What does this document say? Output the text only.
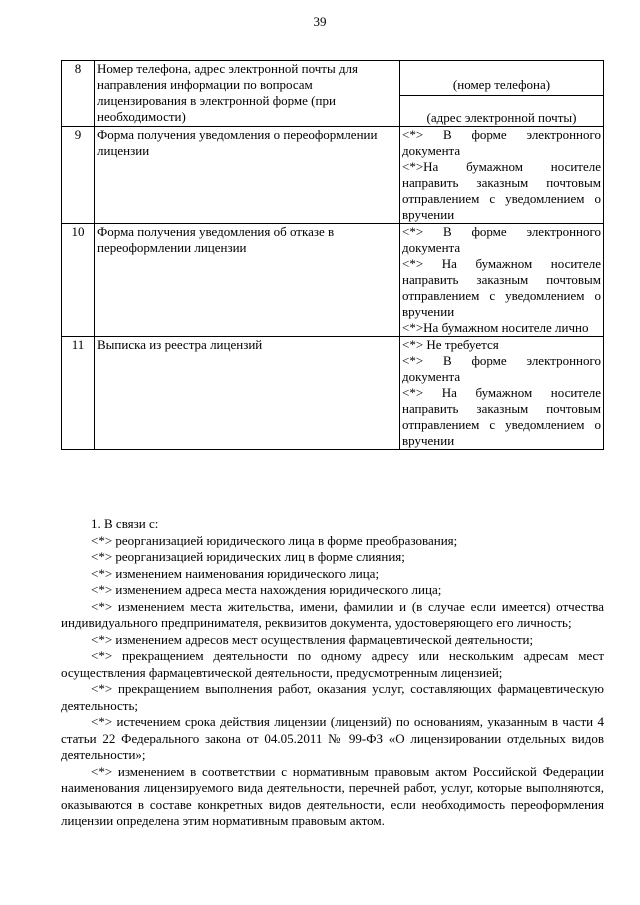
39
8	Номер телефона, адрес электронной почты для направления информации по вопросам лицензирования в электронной форме (при необходимости)	

(номер телефона)

(адрес электронной почты)

9	Форма получения уведомления о переоформлении лицензии	
<*> В форме электронного документа
<*>На бумажном носителе направить заказным почтовым отправлением с уведомлением о вручении

10	Форма получения уведомления об отказе в переоформлении лицензии	
<*> В форме электронного документа
<*> На бумажном носителе направить заказным почтовым отправлением с уведомлением о вручении
<*>На бумажном носителе лично

11	Выписка из реестра лицензий	<*> Не требуется
<*> В форме электронного документа
<*> На бумажном носителе направить заказным почтовым отправлением с уведомлением о вручении

1. В связи с:

<*> реорганизацией юридического лица в форме преобразования;

<*> реорганизацией юридических лиц в форме слияния;

<*> изменением наименования юридического лица;

<*> изменением адреса места нахождения юридического лица;

<*> изменением места жительства, имени, фамилии и (в случае если имеется) отчества индивидуального предпринимателя, реквизитов документа, удостоверяющего его личность;

<*> изменением адресов мест осуществления фармацевтической деятельности;

<*> прекращением деятельности по одному адресу или нескольким адресам мест осуществления фармацевтической деятельности, предусмотренным лицензией;

<*> прекращением выполнения работ, оказания услуг, составляющих фармацевтическую деятельность;

<*> истечением срока действия лицензии (лицензий) по основаниям, указанным в части 4 статьи 22 Федерального закона от 04.05.2011 № 99-ФЗ «О лицензировании отдельных видов деятельности»;

<*> изменением в соответствии с нормативным правовым актом Российской Федерации наименования лицензируемого вида деятельности, перечней работ, услуг, которые выполняются, оказываются в составе конкретных видов деятельности, если необходимость переоформления лицензии определена этим нормативным правовым актом.
